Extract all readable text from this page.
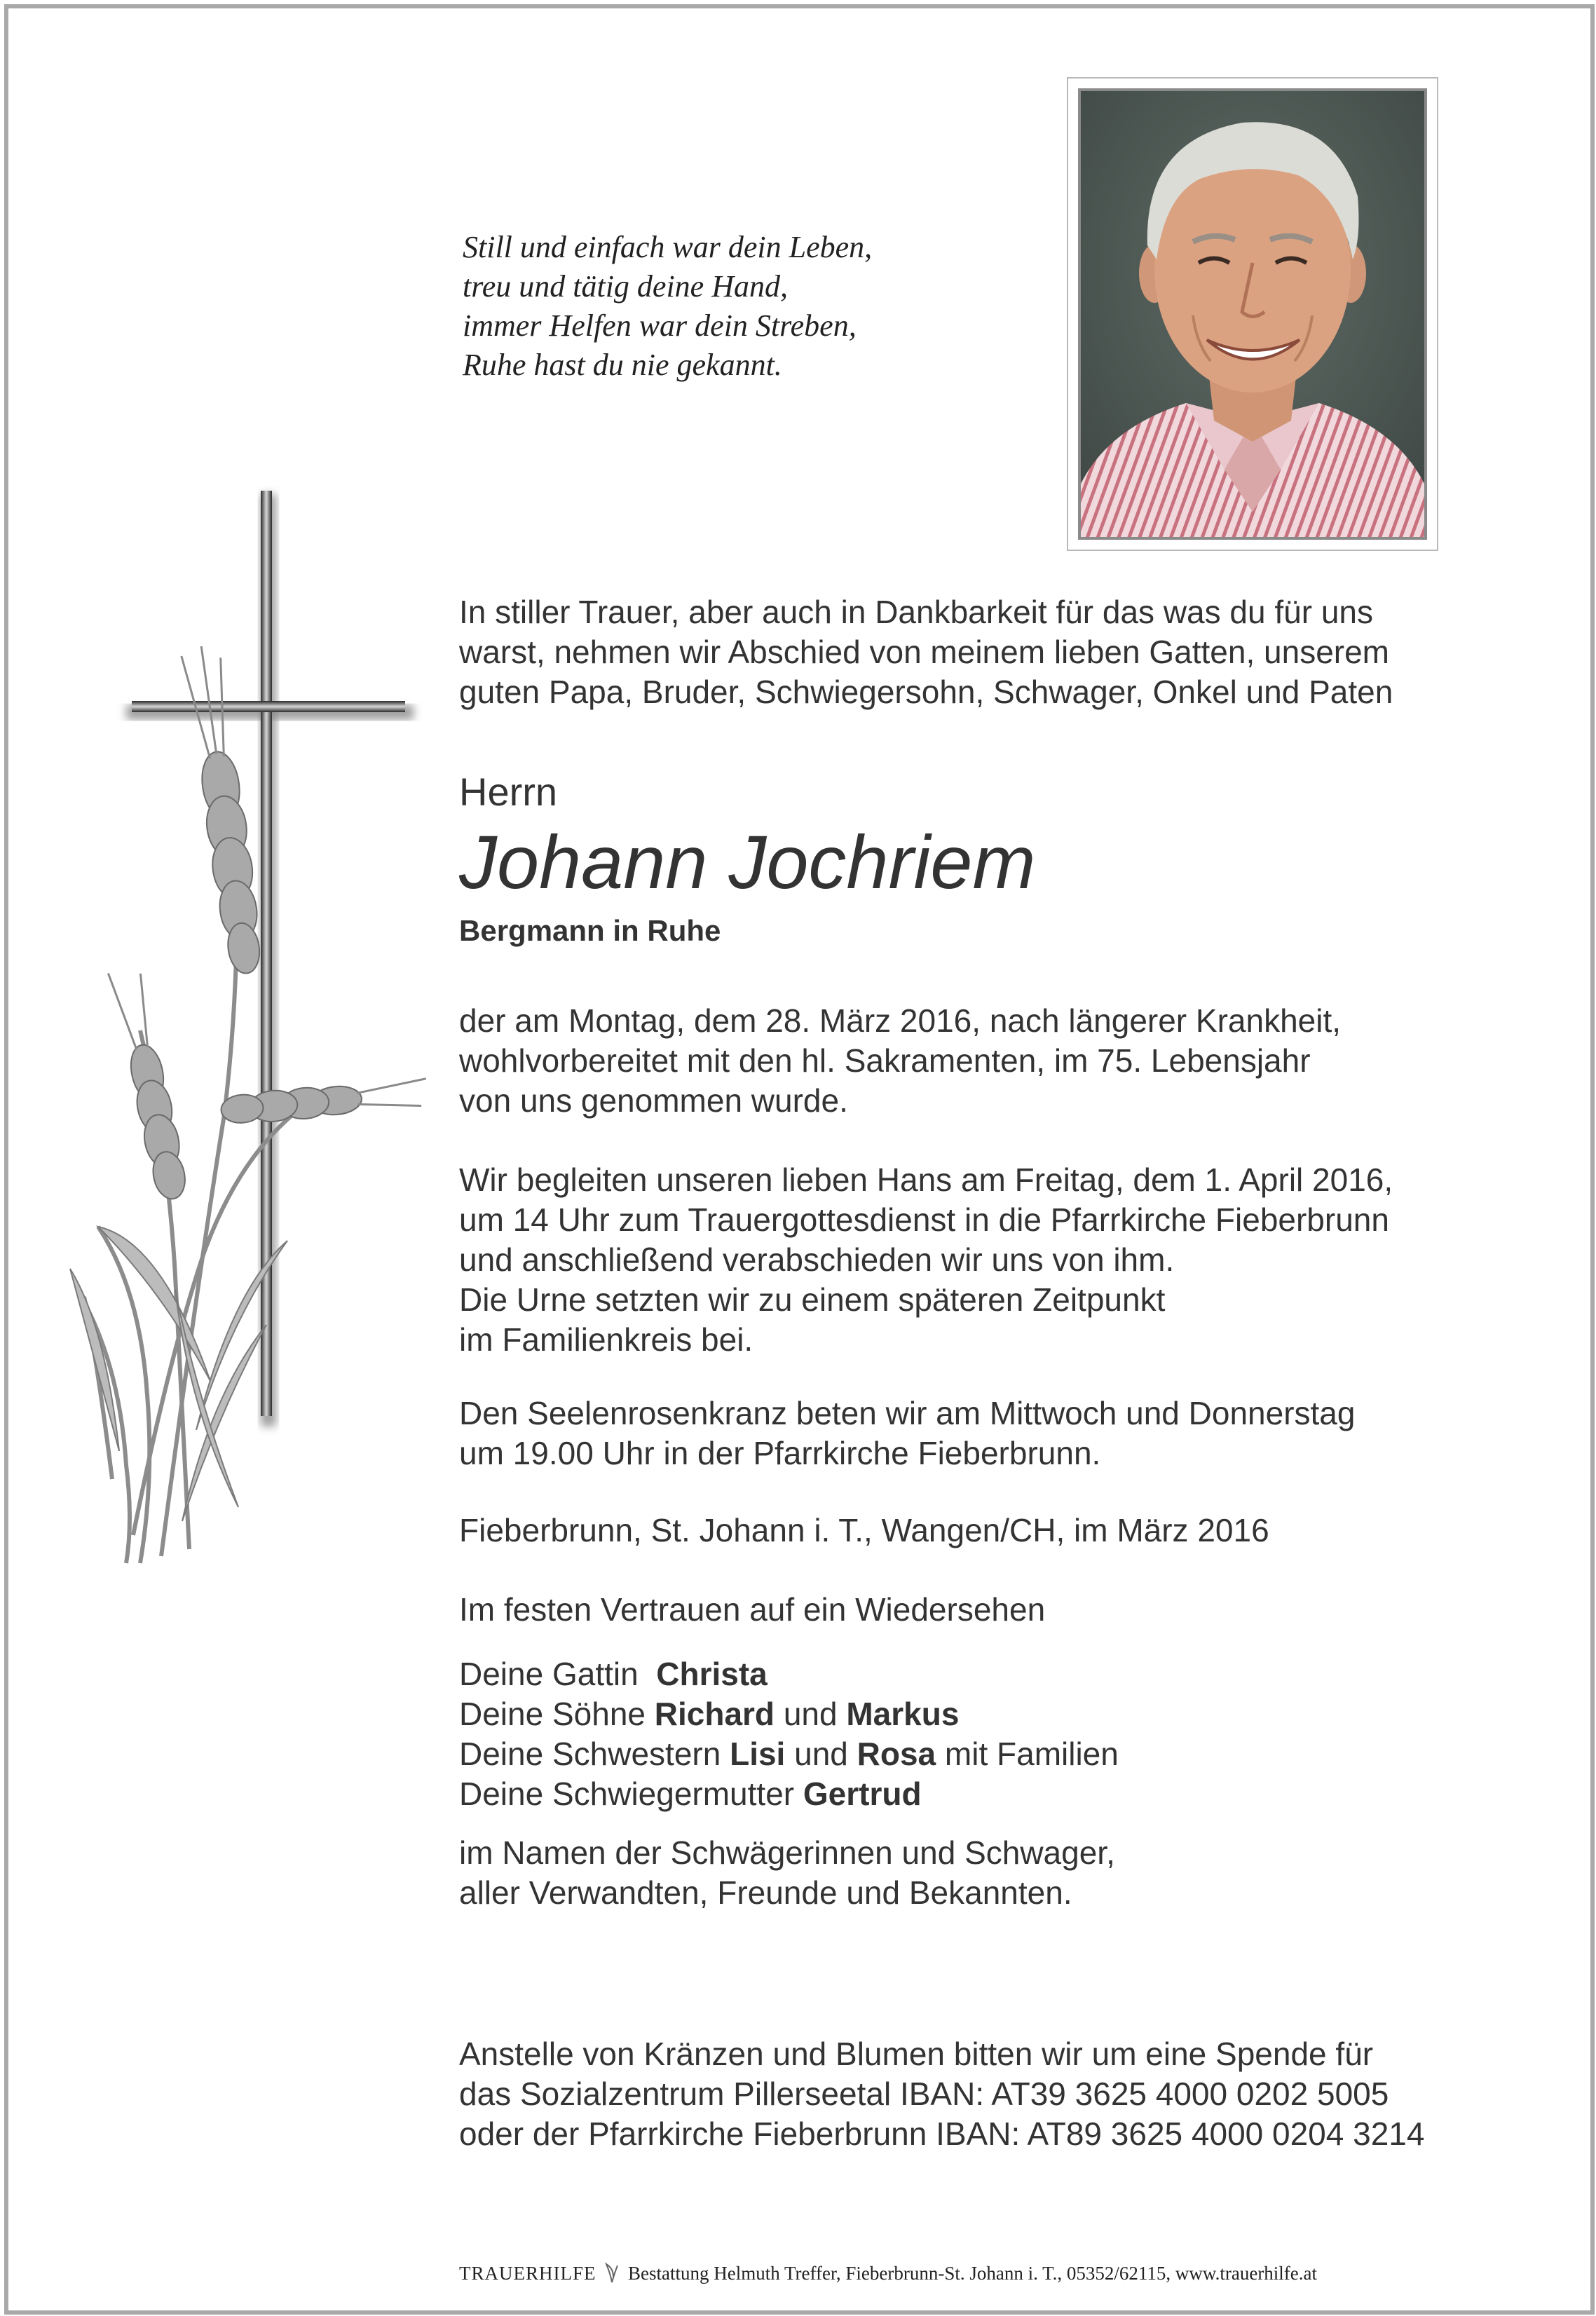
Still und einfach war dein Leben,
treu und tätig deine Hand,
immer Helfen war dein Streben,
Ruhe hast du nie gekannt.
In stiller Trauer, aber auch in Dankbarkeit für das was du für uns
warst, nehmen wir Abschied von meinem lieben Gatten, unserem
guten Papa, Bruder, Schwiegersohn, Schwager, Onkel und Paten
Herrn
Johann Jochriem
Bergmann in Ruhe
der am Montag, dem 28. März 2016, nach längerer Krankheit,
wohlvorbereitet mit den hl. Sakramenten, im 75. Lebensjahr
von uns genommen wurde.
Wir begleiten unseren lieben Hans am Freitag, dem 1. April 2016,
um 14 Uhr zum Trauergottesdienst in die Pfarrkirche Fieberbrunn
und anschließend verabschieden wir uns von ihm.
Die Urne setzten wir zu einem späteren Zeitpunkt
im Familienkreis bei.
Den Seelenrosenkranz beten wir am Mittwoch und Donnerstag
um 19.00 Uhr in der Pfarrkirche Fieberbrunn.
Fieberbrunn, St. Johann i. T., Wangen/CH, im März 2016
Im festen Vertrauen auf ein Wiedersehen
Deine Gattin Christa
Deine Söhne Richard und Markus
Deine Schwestern Lisi und Rosa mit Familien
Deine Schwiegermutter Gertrud
im Namen der Schwägerinnen und Schwager,
aller Verwandten, Freunde und Bekannten.
Anstelle von Kränzen und Blumen bitten wir um eine Spende für
das Sozialzentrum Pillerseetal IBAN: AT39 3625 4000 0202 5005
oder der Pfarrkirche Fieberbrunn IBAN: AT89 3625 4000 0204 3214
TRAUERHILFE Bestattung Helmuth Treffer, Fieberbrunn-St. Johann i. T., 05352/62115, www.trauerhilfe.at
